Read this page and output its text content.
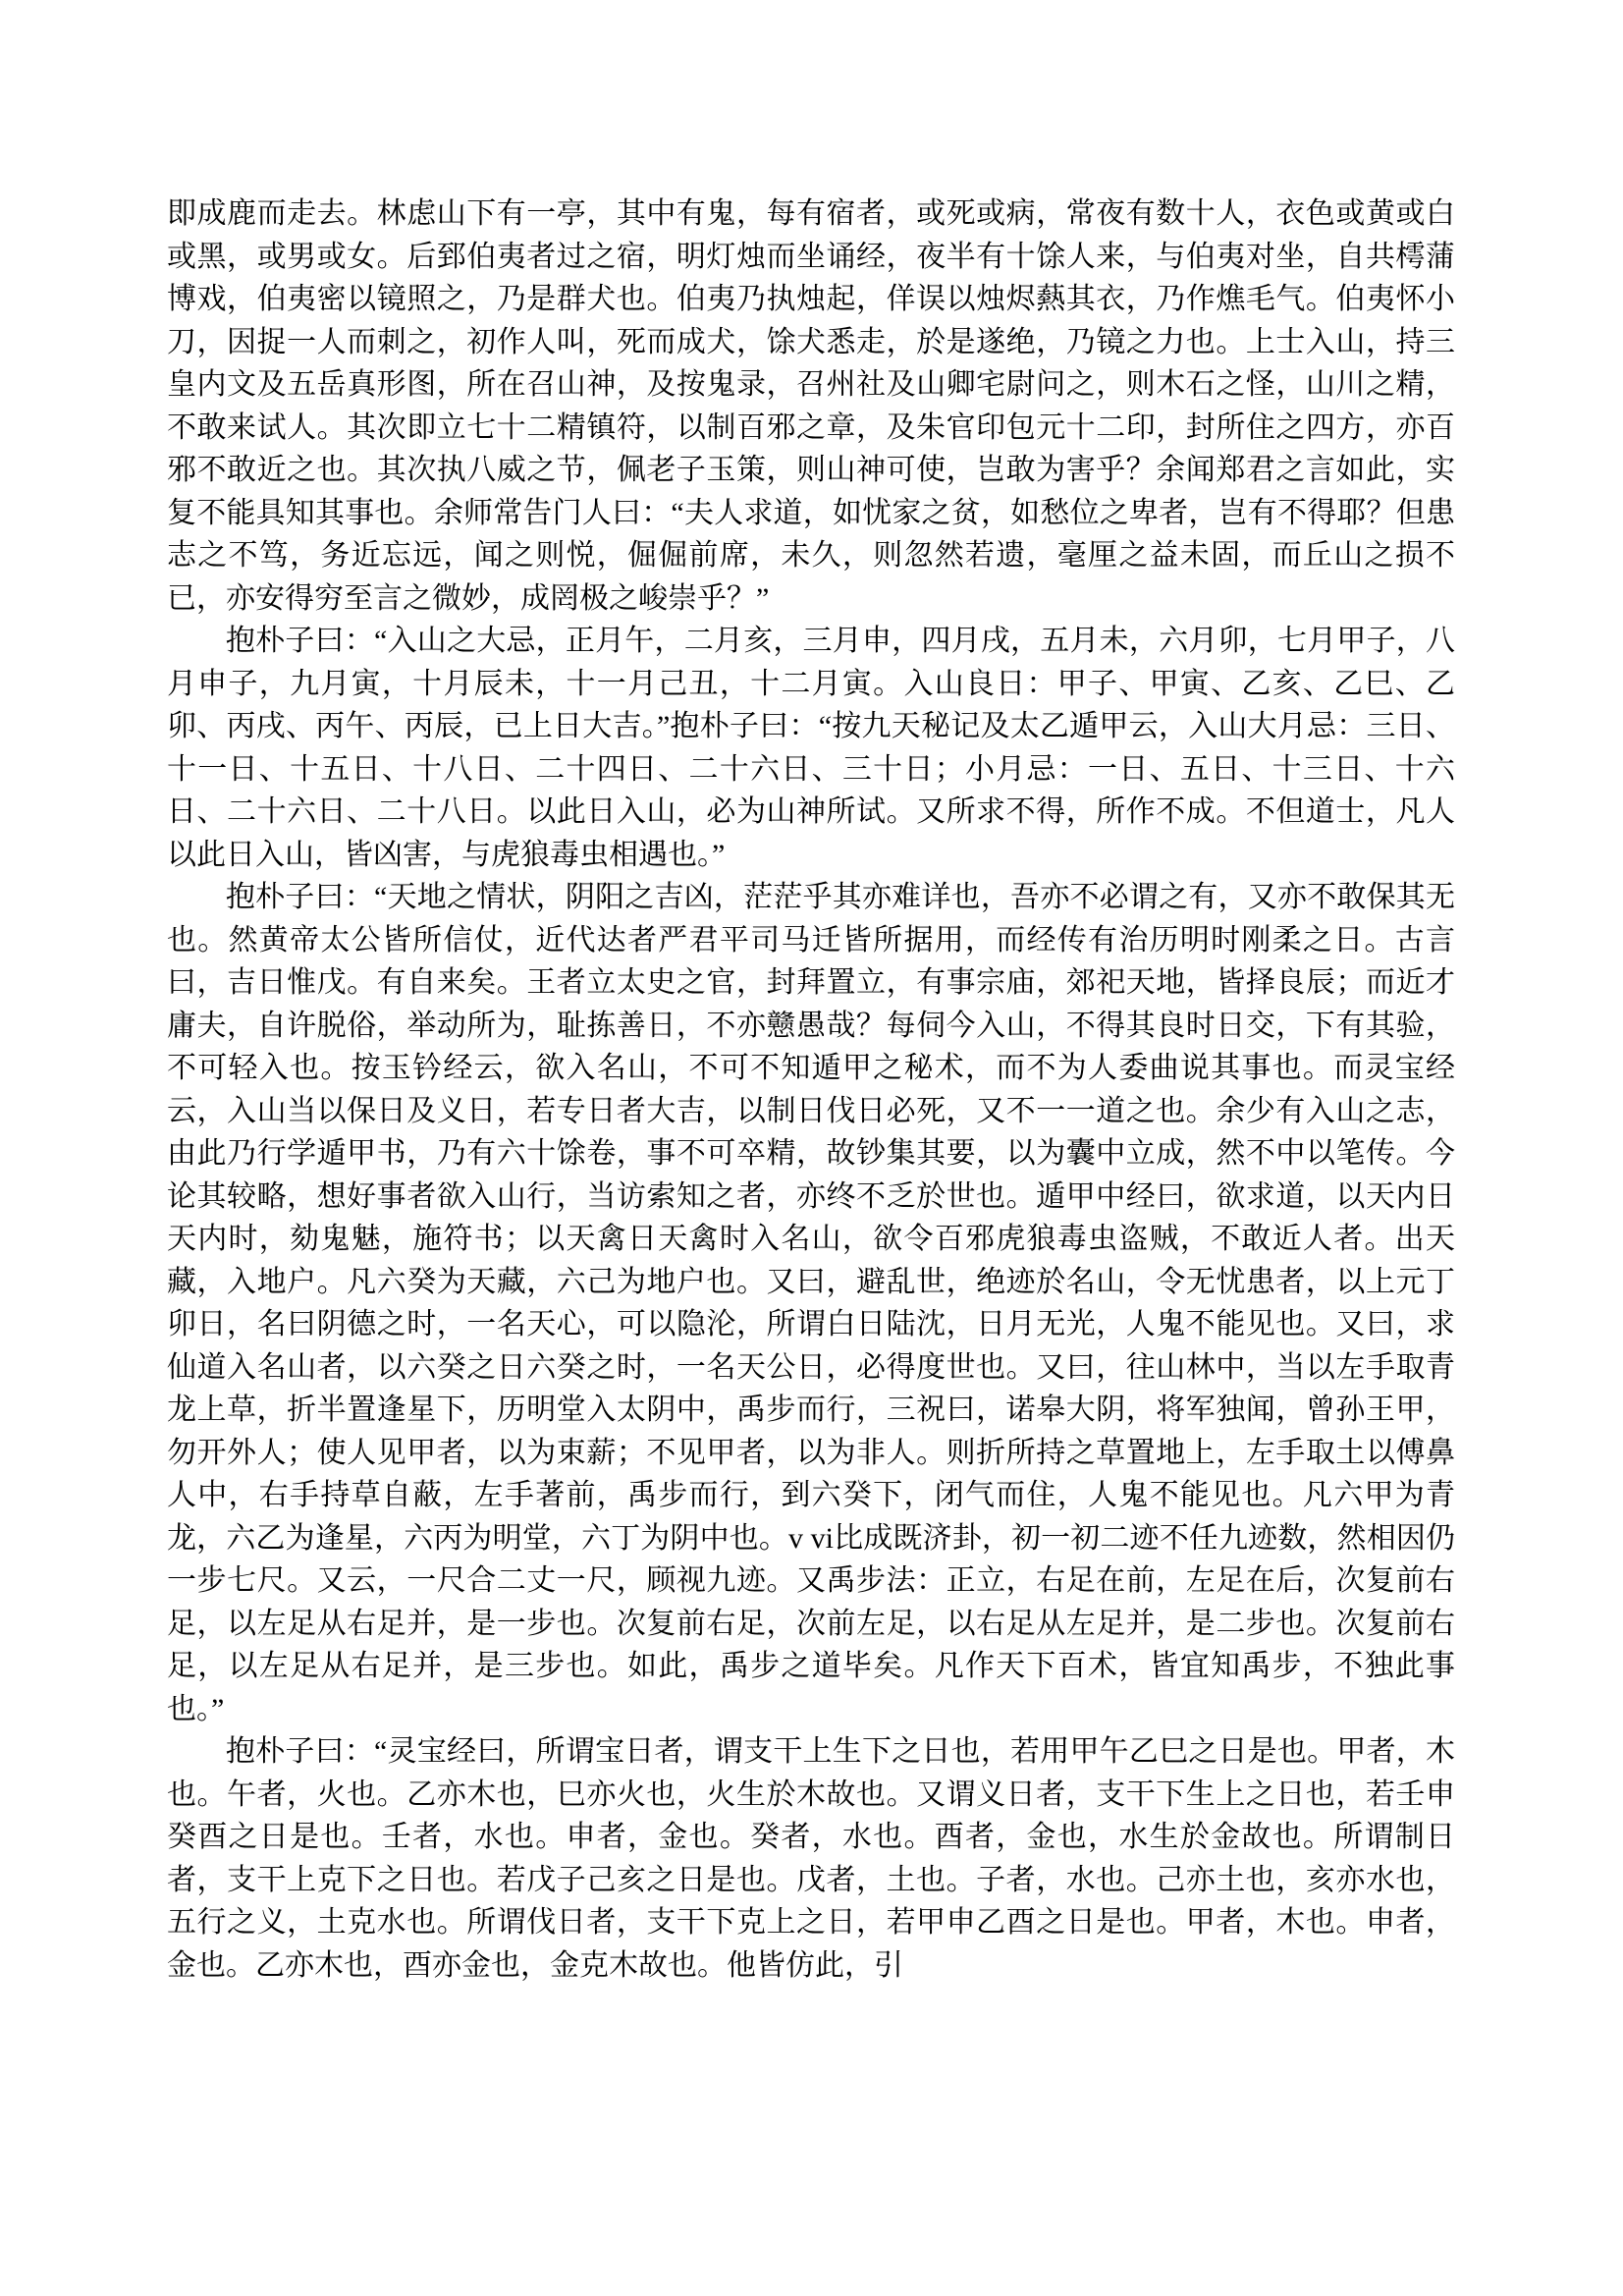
即成鹿而走去。林虑山下有一亭，其中有鬼，每有宿者，或死或病，常夜有数十人，衣色或黄或白或黑，或男或女。后郅伯夷者过之宿，明灯烛而坐诵经，夜半有十馀人来，与伯夷对坐，自共樗蒲博戏，伯夷密以镜照之，乃是群犬也。伯夷乃执烛起，佯误以烛烬爇其衣，乃作燋毛气。伯夷怀小刀，因捉一人而刺之，初作人叫，死而成犬，馀犬悉走，於是遂绝，乃镜之力也。上士入山，持三皇内文及五岳真形图，所在召山神，及按鬼录，召州社及山卿宅尉问之，则木石之怪，山川之精，不敢来试人。其次即立七十二精镇符，以制百邪之章，及朱官印包元十二印，封所住之四方，亦百邪不敢近之也。其次执八威之节，佩老子玉策，则山神可使，岂敢为害乎？余闻郑君之言如此，实复不能具知其事也。余师常告门人曰：“夫人求道，如忧家之贫，如愁位之卑者，岂有不得耶？但患志之不笃，务近忘远，闻之则悦，倔倔前席，未久，则忽然若遗，毫厘之益未固，而丘山之损不已，亦安得穷至言之微妙，成罔极之峻崇乎？”

抱朴子曰：“入山之大忌，正月午，二月亥，三月申，四月戌，五月未，六月卯，七月甲子，八月申子，九月寅，十月辰未，十一月己丑，十二月寅。入山良日：甲子、甲寅、乙亥、乙巳、乙卯、丙戌、丙午、丙辰，已上日大吉。”抱朴子曰：“按九天秘记及太乙遁甲云，入山大月忌：三日、十一日、十五日、十八日、二十四日、二十六日、三十日；小月忌：一日、五日、十三日、十六日、二十六日、二十八日。以此日入山，必为山神所试。又所求不得，所作不成。不但道士，凡人以此日入山，皆凶害，与虎狼毒虫相遇也。”

抱朴子曰：“天地之情状，阴阳之吉凶，茫茫乎其亦难详也，吾亦不必谓之有，又亦不敢保其无也。然黄帝太公皆所信仗，近代达者严君平司马迁皆所据用，而经传有治历明时刚柔之日。古言曰，吉日惟戊。有自来矣。王者立太史之官，封拜置立，有事宗庙，郊祀天地，皆择良辰；而近才庸夫，自许脱俗，举动所为，耻拣善日，不亦戆愚哉？每伺今入山，不得其良时日交，下有其验，不可轻入也。按玉钤经云，欲入名山，不可不知遁甲之秘术，而不为人委曲说其事也。而灵宝经云，入山当以保日及义日，若专日者大吉，以制日伐日必死，又不一一道之也。余少有入山之志，由此乃行学遁甲书，乃有六十馀卷，事不可卒精，故钞集其要，以为囊中立成，然不中以笔传。今论其较略，想好事者欲入山行，当访索知之者，亦终不乏於世也。遁甲中经曰，欲求道，以天内日天内时，劾鬼魅，施符书；以天禽日天禽时入名山，欲令百邪虎狼毒虫盗贼，不敢近人者。出天藏，入地户。凡六癸为天藏，六己为地户也。又曰，避乱世，绝迹於名山，令无忧患者，以上元丁卯日，名曰阴德之时，一名天心，可以隐沦，所谓白日陆沈，日月无光，人鬼不能见也。又曰，求仙道入名山者，以六癸之日六癸之时，一名天公日，必得度世也。又曰，往山林中，当以左手取青龙上草，折半置逢星下，历明堂入太阴中，禹步而行，三祝曰，诺皋大阴，将军独闻，曾孙王甲，勿开外人；使人见甲者，以为束薪；不见甲者，以为非人。则折所持之草置地上，左手取土以傅鼻人中，右手持草自蔽，左手著前，禹步而行，到六癸下，闭气而住，人鬼不能见也。凡六甲为青龙，六乙为逢星，六丙为明堂，六丁为阴中也。v vi比成既济卦，初一初二迹不任九迹数，然相因仍一步七尺。又云，一尺合二丈一尺，顾视九迹。又禹步法：正立，右足在前，左足在后，次复前右足，以左足从右足并，是一步也。次复前右足，次前左足，以右足从左足并，是二步也。次复前右足，以左足从右足并，是三步也。如此，禹步之道毕矣。凡作天下百术，皆宜知禹步，不独此事也。”

抱朴子曰：“灵宝经曰，所谓宝日者，谓支干上生下之日也，若用甲午乙巳之日是也。甲者，木也。午者，火也。乙亦木也，巳亦火也，火生於木故也。又谓义日者，支干下生上之日也，若壬申癸酉之日是也。壬者，水也。申者，金也。癸者，水也。酉者，金也，水生於金故也。所谓制日者，支干上克下之日也。若戊子己亥之日是也。戊者，土也。子者，水也。己亦土也，亥亦水也，五行之义，土克水也。所谓伐日者，支干下克上之日，若甲申乙酉之日是也。甲者，木也。申者，金也。乙亦木也，酉亦金也，金克木故也。他皆仿此，引
